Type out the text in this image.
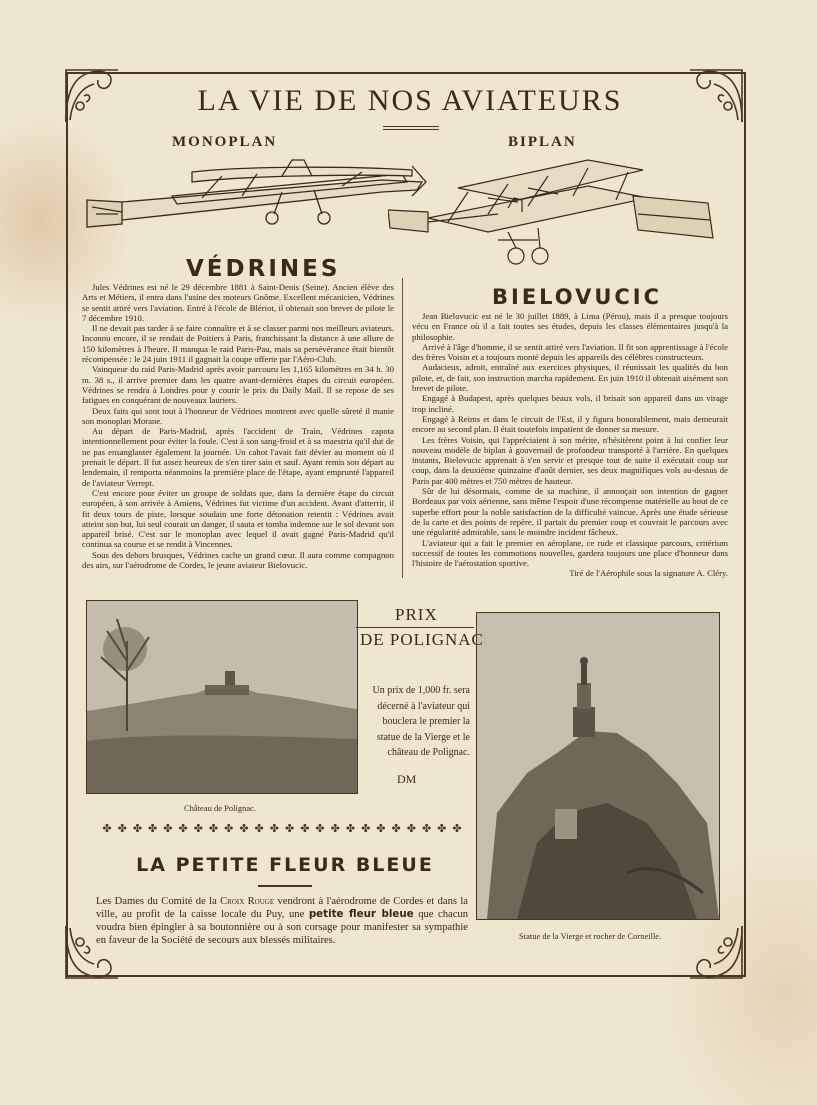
LA VIE DE NOS AVIATEURS
MONOPLAN	BIPLAN
VÉDRINES
BIELOVUCIC

Jules Védrines est né le 29 décembre 1881 à Saint-Denis (Seine). Ancien élève des Arts et Métiers, il entra dans l'usine des moteurs Gnôme. Excellent mécanicien, Védrines se sentit attiré vers l'aviation. Entré à l'école de Blériot, il obtenait son brevet de pilote le 7 décembre 1910.

Il ne devait pas tarder à se faire connaître et à se classer parmi nos meilleurs aviateurs. Inconnu encore, il se rendait de Poitiers à Paris, franchissant la distance à une allure de 150 kilomètres à l'heure. Il manqua le raid Paris-Pau, mais sa persévérance était bientôt récompensée : le 24 juin 1911 il gagnait la coupe offerte par l'Aéro-Club.

Vainqueur du raid Paris-Madrid après avoir parcouru les 1,165 kilomètres en 34 h. 30 m. 38 s., il arrive premier dans les quatre avant-dernières étapes du circuit européen. Védrines se rendra à Londres pour y courir le prix du Daily Mail. Il se repose de ses fatigues en conquérant de nouveaux lauriers.

Deux faits qui sont tout à l'honneur de Védrines montrent avec quelle sûreté il manie son monoplan Morane.

Au départ de Paris-Madrid, après l'accident de Train, Védrines capota intentionnellement pour éviter la foule. C'est à son sang-froid et à sa maestria qu'il dut de ne pas ensanglanter également la journée. Un cahot l'avait fait dévier au moment où il prenait le départ. Il fut assez heureux de s'en tirer sain et sauf. Ayant remis son départ au lendemain, il remporta néanmoins la première place de l'étape, ayant emprunté l'appareil de l'aviateur Verrept.

C'est encore pour éviter un groupe de soldats que, dans la dernière étape du circuit européen, à son arrivée à Amiens, Védrines fut victime d'un accident. Avant d'atterrir, il fit deux tours de piste, lorsque soudain une forte détonation retentit : Védrines avait atteint son but, lui seul courait un danger, il sauta et tomba indemne sur le sol devant son appareil brisé. C'est sur le monoplan avec lequel il avait gagné Paris-Madrid qu'il continua sa course et se rendit à Vincennes.

Sous des dehors brusques, Védrines cache un grand cœur. Il aura comme compagnon des airs, sur l'aérodrome de Cordes, le jeune aviateur Bielovucic.

Jean Bielovucic est né le 30 juillet 1889, à Lima (Pérou), mais il a presque toujours vécu en France où il a fait toutes ses études, depuis les classes élémentaires jusqu'à la philosophie.

Arrivé à l'âge d'homme, il se sentit attiré vers l'aviation. Il fit son apprentissage à l'école des frères Voisin et a toujours monté depuis les appareils des célèbres constructeurs.

Audacieux, adroit, entraîné aux exercices physiques, il réunissait les qualités du bon pilote, et, de fait, son instruction marcha rapidement. En juin 1910 il obtenait aisément son brevet de pilote.

Engagé à Budapest, après quelques beaux vols, il brisait son appareil dans un virage trop incliné.

Engagé à Reims et dans le circuit de l'Est, il y figura honorablement, mais demeurait encore au second plan. Il était toutefois impatient de donner sa mesure.

Les frères Voisin, qui l'appréciaient à son mérite, n'hésitèrent point à lui confier leur nouveau modèle de biplan à gouvernail de profondeur transporté à l'arrière. En quelques instants, Bielovucic apprenait à s'en servir et presque tout de suite il exécutait coup sur coup, dans la deuxième quinzaine d'août dernier, ses deux magnifiques vols au-dessus de Paris par 400 mètres et 750 mètres de hauteur.

Sûr de lui désormais, comme de sa machine, il annonçait son intention de gagner Bordeaux par voix aérienne, sans même l'espoir d'une récompense matérielle au bout de ce superbe effort pour la noble satisfaction de la difficulté vaincue. Après une étude sérieuse de la carte et des points de repère, il partait du premier coup et couvrait le parcours avec une régularité admirable, sans le moindre incident fâcheux.

L'aviateur qui a fait le premier en aéroplane, ce rude et classique parcours, critérium successif de toutes les commotions nouvelles, gardera toujours une place d'honneur dans l'histoire de l'aérostation sportive.

Tiré de l'Aérophile sous la signature A. Cléry.

Château de Polignac.
Statue de la Vierge et rocher de Corneille.
PRIX
DE POLIGNAC
Un prix de 1,000 fr. sera décerné à l'aviateur qui bouclera le premier la statue de la Vierge et le château de Polignac.
DM
✤✤✤✤✤✤✤✤✤✤✤✤✤✤✤✤✤✤✤✤✤✤✤✤
LA PETITE FLEUR BLEUE
Les Dames du Comité de la Croix Rouge vendront à l'aérodrome de Cordes et dans la ville, au profit de la caisse locale du Puy, une petite fleur bleue que chacun voudra bien épingler à sa boutonnière ou à son corsage pour manifester sa sympathie en faveur de la Société de secours aux blessés militaires.
